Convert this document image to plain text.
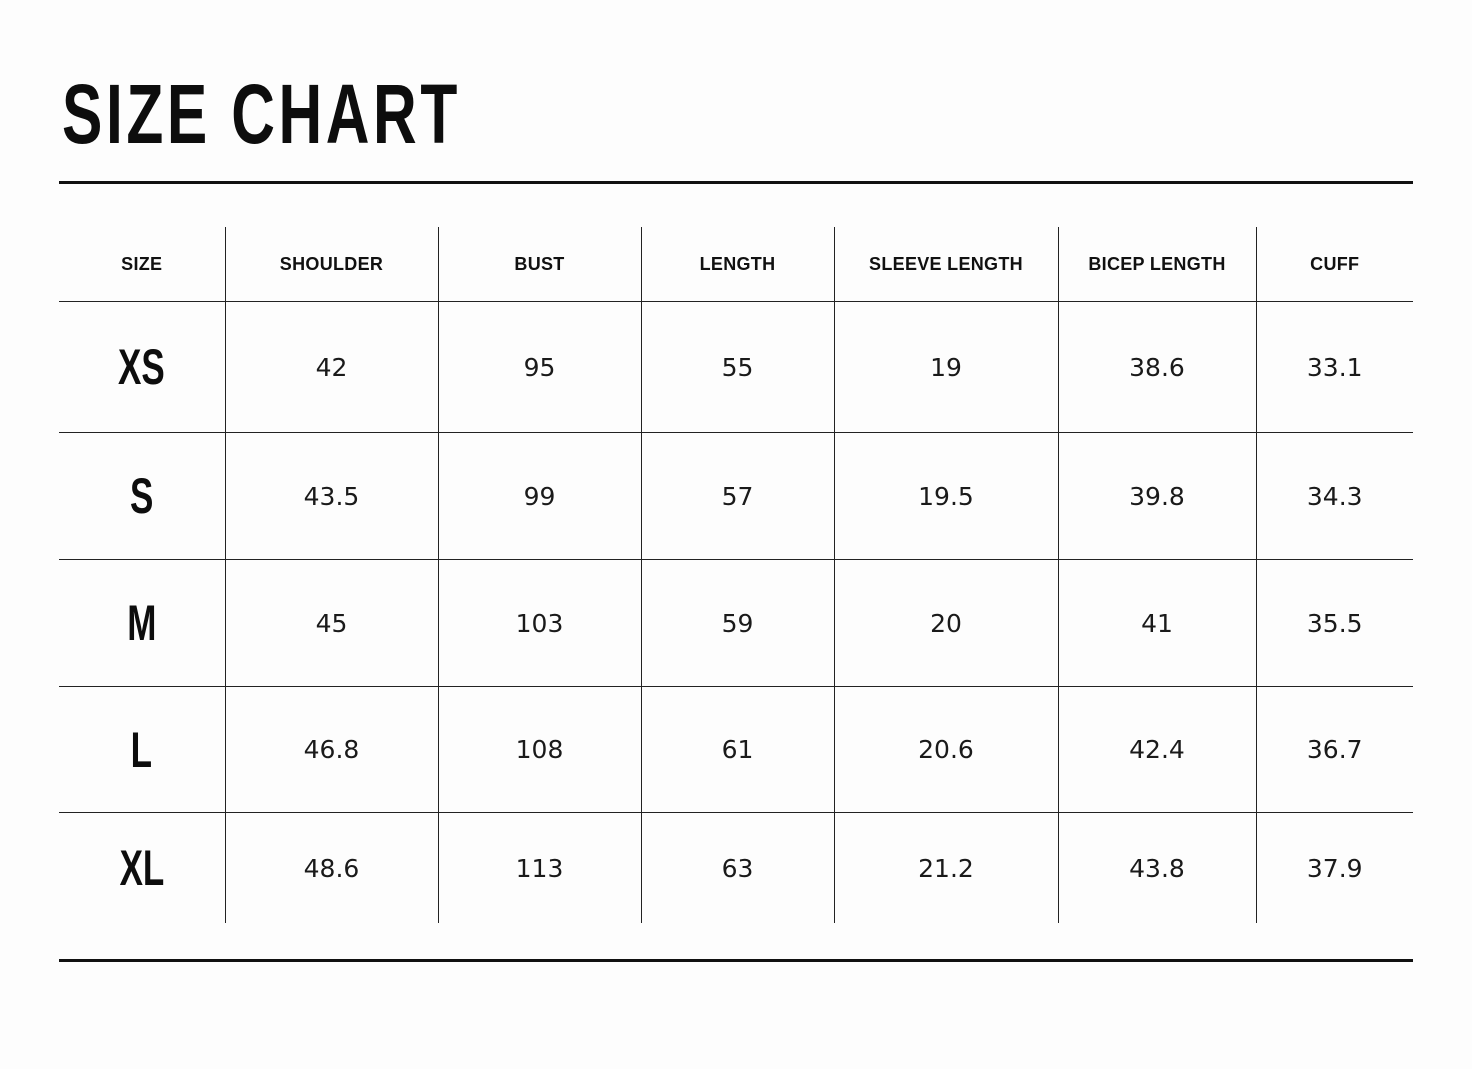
SIZE CHART
SIZE	SHOULDER	BUST	LENGTH	SLEEVE LENGTH	BICEP LENGTH	CUFF
XS	42	95	55	19	38.6	33.1
S	43.5	99	57	19.5	39.8	34.3
M	45	103	59	20	41	35.5
L	46.8	108	61	20.6	42.4	36.7
XL	48.6	113	63	21.2	43.8	37.9
